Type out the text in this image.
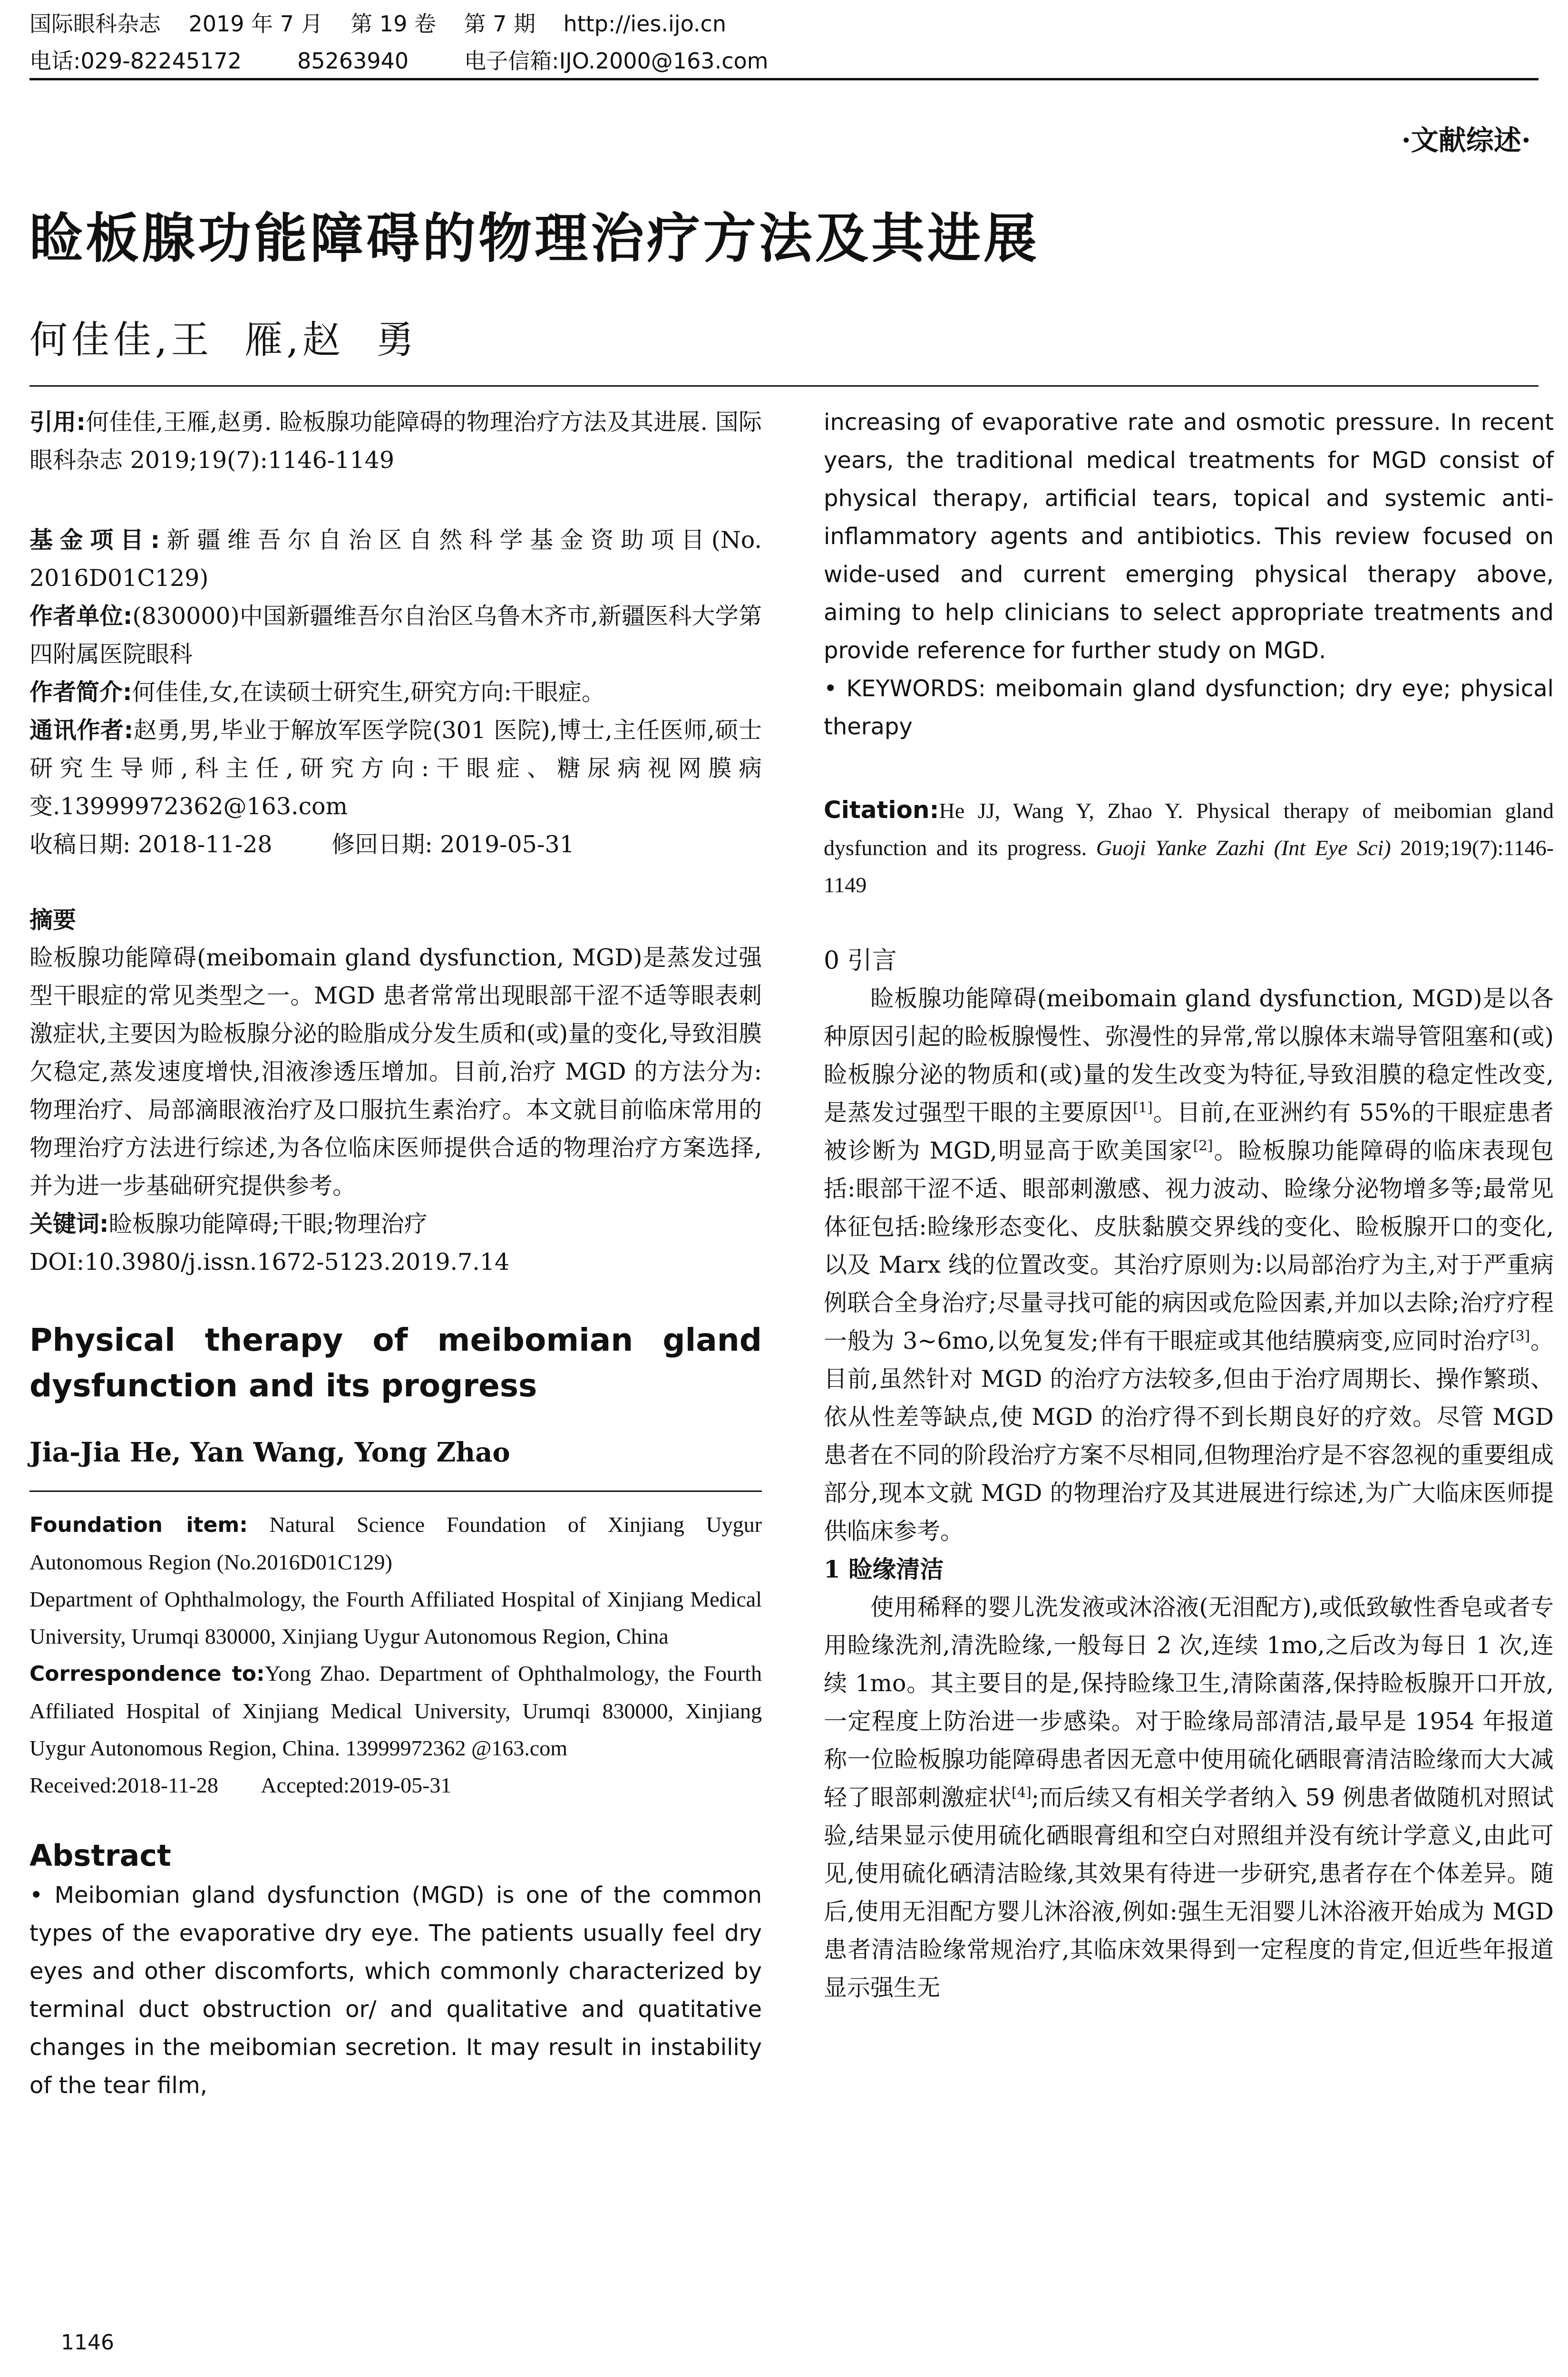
国际眼科杂志    2019 年 7 月    第 19 卷    第 7 期    http://ies.ijo.cn
电话:029-82245172        85263940        电子信箱:IJO.2000@163.com
·文献综述·
睑板腺功能障碍的物理治疗方法及其进展
何佳佳,王  雁,赵  勇

引用:何佳佳,王雁,赵勇. 睑板腺功能障碍的物理治疗方法及其进展. 国际眼科杂志 2019;19(7):1146-1149

基金项目:新疆维吾尔自治区自然科学基金资助项目(No. 2016D01C129)

作者单位:(830000)中国新疆维吾尔自治区乌鲁木齐市,新疆医科大学第四附属医院眼科

作者简介:何佳佳,女,在读硕士研究生,研究方向:干眼症。

通讯作者:赵勇,男,毕业于解放军医学院(301 医院),博士,主任医师,硕士研究生导师,科主任,研究方向:干眼症、糖尿病视网膜病变.13999972362@163.com

收稿日期: 2018-11-28        修回日期: 2019-05-31

摘要

睑板腺功能障碍(meibomain gland dysfunction, MGD)是蒸发过强型干眼症的常见类型之一。MGD 患者常常出现眼部干涩不适等眼表刺激症状,主要因为睑板腺分泌的睑脂成分发生质和(或)量的变化,导致泪膜欠稳定,蒸发速度增快,泪液渗透压增加。目前,治疗 MGD 的方法分为:物理治疗、局部滴眼液治疗及口服抗生素治疗。本文就目前临床常用的物理治疗方法进行综述,为各位临床医师提供合适的物理治疗方案选择,并为进一步基础研究提供参考。

关键词:睑板腺功能障碍;干眼;物理治疗

DOI:10.3980/j.issn.1672-5123.2019.7.14

Physical therapy of meibomian gland dysfunction and its progress

Jia-Jia He, Yan Wang, Yong Zhao

Foundation item: Natural Science Foundation of Xinjiang Uygur Autonomous Region (No.2016D01C129)

Department of Ophthalmology, the Fourth Affiliated Hospital of Xinjiang Medical University, Urumqi 830000, Xinjiang Uygur Autonomous Region, China

Correspondence to:Yong Zhao. Department of Ophthalmology, the Fourth Affiliated Hospital of Xinjiang Medical University, Urumqi 830000, Xinjiang Uygur Autonomous Region, China. 13999972362 @163.com

Received:2018-11-28        Accepted:2019-05-31

Abstract

• Meibomian gland dysfunction (MGD) is one of the common types of the evaporative dry eye. The patients usually feel dry eyes and other discomforts, which commonly characterized by terminal duct obstruction or/ and qualitative and quatitative changes in the meibomian secretion. It may result in instability of the tear film,

increasing of evaporative rate and osmotic pressure. In recent years, the traditional medical treatments for MGD consist of physical therapy, artificial tears, topical and systemic anti-inflammatory agents and antibiotics. This review focused on wide-used and current emerging physical therapy above, aiming to help clinicians to select appropriate treatments and provide reference for further study on MGD.

• KEYWORDS: meibomain gland dysfunction; dry eye; physical therapy

Citation:He JJ, Wang Y, Zhao Y. Physical therapy of meibomian gland dysfunction and its progress. Guoji Yanke Zazhi (Int Eye Sci) 2019;19(7):1146-1149

0 引言

睑板腺功能障碍(meibomain gland dysfunction, MGD)是以各种原因引起的睑板腺慢性、弥漫性的异常,常以腺体末端导管阻塞和(或)睑板腺分泌的物质和(或)量的发生改变为特征,导致泪膜的稳定性改变,是蒸发过强型干眼的主要原因[1]。目前,在亚洲约有 55%的干眼症患者被诊断为 MGD,明显高于欧美国家[2]。睑板腺功能障碍的临床表现包括:眼部干涩不适、眼部刺激感、视力波动、睑缘分泌物增多等;最常见体征包括:睑缘形态变化、皮肤黏膜交界线的变化、睑板腺开口的变化,以及 Marx 线的位置改变。其治疗原则为:以局部治疗为主,对于严重病例联合全身治疗;尽量寻找可能的病因或危险因素,并加以去除;治疗疗程一般为 3~6mo,以免复发;伴有干眼症或其他结膜病变,应同时治疗[3]。目前,虽然针对 MGD 的治疗方法较多,但由于治疗周期长、操作繁琐、依从性差等缺点,使 MGD 的治疗得不到长期良好的疗效。尽管 MGD 患者在不同的阶段治疗方案不尽相同,但物理治疗是不容忽视的重要组成部分,现本文就 MGD 的物理治疗及其进展进行综述,为广大临床医师提供临床参考。

1 睑缘清洁

使用稀释的婴儿洗发液或沐浴液(无泪配方),或低致敏性香皂或者专用睑缘洗剂,清洗睑缘,一般每日 2 次,连续 1mo,之后改为每日 1 次,连续 1mo。其主要目的是,保持睑缘卫生,清除菌落,保持睑板腺开口开放,一定程度上防治进一步感染。对于睑缘局部清洁,最早是 1954 年报道称一位睑板腺功能障碍患者因无意中使用硫化硒眼膏清洁睑缘而大大减轻了眼部刺激症状[4];而后续又有相关学者纳入 59 例患者做随机对照试验,结果显示使用硫化硒眼膏组和空白对照组并没有统计学意义,由此可见,使用硫化硒清洁睑缘,其效果有待进一步研究,患者存在个体差异。随后,使用无泪配方婴儿沐浴液,例如:强生无泪婴儿沐浴液开始成为 MGD 患者清洁睑缘常规治疗,其临床效果得到一定程度的肯定,但近些年报道显示强生无

1146
